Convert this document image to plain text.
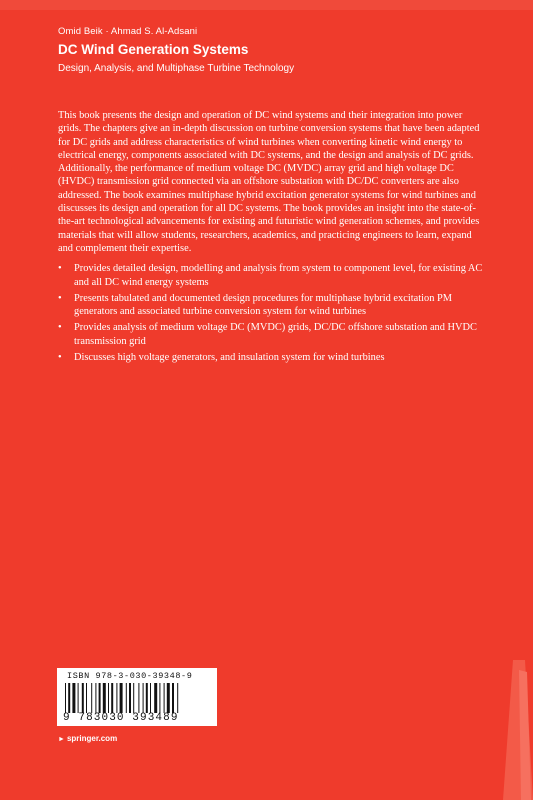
Omid Beik · Ahmad S. Al-Adsani
DC Wind Generation Systems
Design, Analysis, and Multiphase Turbine Technology

This book presents the design and operation of DC wind systems and their integration into power grids. The chapters give an in-depth discussion on turbine conversion systems that have been adapted for DC grids and address characteristics of wind turbines when converting kinetic wind energy to electrical energy, components associated with DC systems, and the design and analysis of DC grids. Additionally, the performance of medium voltage DC (MVDC) array grid and high voltage DC (HVDC) transmission grid connected via an offshore substation with DC/DC converters are also addressed. The book examines multiphase hybrid excitation generator systems for wind turbines and discusses its design and operation for all DC systems. The book provides an insight into the state-of-the-art technological advancements for existing and futuristic wind generation schemes, and provides materials that will allow students, researchers, academics, and practicing engineers to learn, expand and complement their expertise.

•	Provides detailed design, modelling and analysis from system to component level, for existing AC and all DC wind energy systems
•	Presents tabulated and documented design procedures for multiphase hybrid excitation PM generators and associated turbine conversion system for wind turbines
•	Provides analysis of medium voltage DC (MVDC) grids, DC/DC offshore substation and HVDC transmission grid
•	Discusses high voltage generators, and insulation system for wind turbines
ISBN 978-3-030-39348-9
9 783030 393489
► springer.com
